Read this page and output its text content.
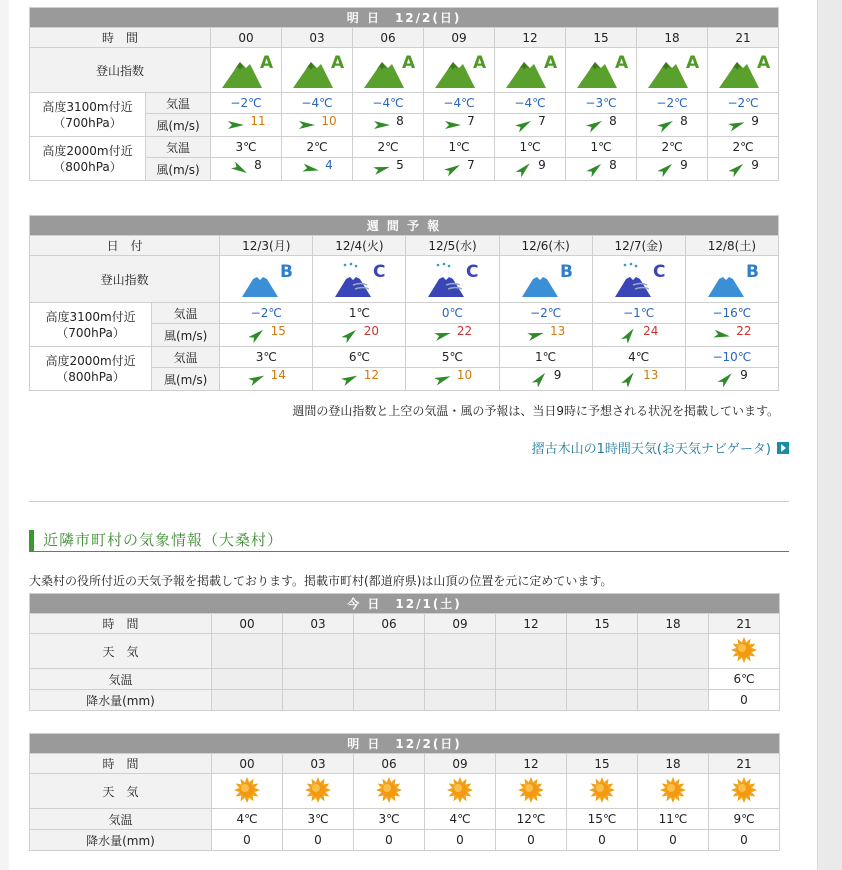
明 日　12/2(日)									
時　間		00	03	06	09	12	15	18	21
登山指数		A	A	A	A	A	A	A	A

高度3100m付近
（700hPa）	気温	−2℃	−4℃	−4℃	−4℃	−4℃	−3℃	−2℃	−2℃
	風(m/s)	11	10	8	7	7	8	8	9

高度2000m付近
（800hPa）	気温	3℃	2℃	2℃	1℃	1℃	1℃	2℃	2℃
	風(m/s)	8	4	5	7	9	8	9	9
週 間 予 報							
日　付		12/3(月)	12/4(火)	12/5(水)	12/6(木)	12/7(金)	12/8(土)
登山指数		B	C	C	B	C	B

高度3100m付近
（700hPa）	気温	−2℃	1℃	0℃	−2℃	−1℃	−16℃
	風(m/s)	15	20	22	13	24	22

高度2000m付近
（800hPa）	気温	3℃	6℃	5℃	1℃	4℃	−10℃
	風(m/s)	14	12	10	9	13	9
週間の登山指数と上空の気温・風の予報は、当日9時に予想される状況を掲載しています。
摺古木山の1時間天気(お天気ナビゲータ)
近隣市町村の気象情報（大桑村）
大桑村の役所付近の天気予報を掲載しております。掲載市町村(都道府県)は山頂の位置を元に定めています。
今 日　12/1(土)								
時　間	00	03	06	09	12	15	18	21
天　気								
気温								6℃
降水量(mm)								0
明 日　12/2(日)								
時　間	00	03	06	09	12	15	18	21
天　気								
気温	4℃	3℃	3℃	4℃	12℃	15℃	11℃	9℃
降水量(mm)	0	0	0	0	0	0	0	0
